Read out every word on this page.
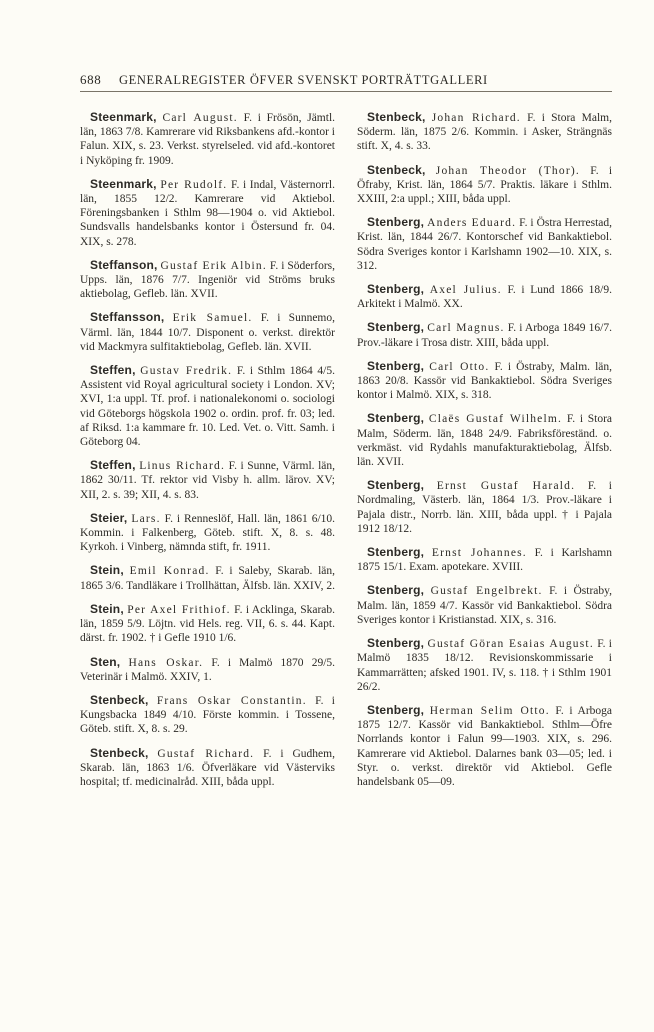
688 GENERALREGISTER ÖFVER SVENSKT PORTRÄTTGALLERI

Steenmark, Carl August. F. i Frösön, Jämtl. län, 1863 7/8. Kamrerare vid Riksbankens afd.-kontor i Falun. XIX, s. 23. Verkst. styrelseled. vid afd.-kontoret i Nyköping fr. 1909.

Steenmark, Per Rudolf. F. i Indal, Västernorrl. län, 1855 12/2. Kamrerare vid Aktiebol. Föreningsbanken i Sthlm 98—1904 o. vid Aktiebol. Sundsvalls handelsbanks kontor i Östersund fr. 04. XIX, s. 278.

Steffanson, Gustaf Erik Albin. F. i Söderfors, Upps. län, 1876 7/7. Ingeniör vid Ströms bruks aktiebolag, Gefleb. län. XVII.

Steffansson, Erik Samuel. F. i Sunnemo, Värml. län, 1844 10/7. Disponent o. verkst. direktör vid Mackmyra sulfitaktiebolag, Gefleb. län. XVII.

Steffen, Gustav Fredrik. F. i Sthlm 1864 4/5. Assistent vid Royal agricultural society i London. XV; XVI, 1:a uppl. Tf. prof. i nationalekonomi o. sociologi vid Göteborgs högskola 1902 o. ordin. prof. fr. 03; led. af Riksd. 1:a kammare fr. 10. Led. Vet. o. Vitt. Samh. i Göteborg 04.

Steffen, Linus Richard. F. i Sunne, Värml. län, 1862 30/11. Tf. rektor vid Visby h. allm. lärov. XV; XII, 2. s. 39; XII, 4. s. 83.

Steier, Lars. F. i Renneslöf, Hall. län, 1861 6/10. Kommin. i Falkenberg, Göteb. stift. X, 8. s. 48. Kyrkoh. i Vinberg, nämnda stift, fr. 1911.

Stein, Emil Konrad. F. i Saleby, Skarab. län, 1865 3/6. Tandläkare i Trollhättan, Älfsb. län. XXIV, 2.

Stein, Per Axel Frithiof. F. i Acklinga, Skarab. län, 1859 5/9. Löjtn. vid Hels. reg. VII, 6. s. 44. Kapt. därst. fr. 1902. † i Gefle 1910 1/6.

Sten, Hans Oskar. F. i Malmö 1870 29/5. Veterinär i Malmö. XXIV, 1.

Stenbeck, Frans Oskar Constantin. F. i Kungsbacka 1849 4/10. Förste kommin. i Tossene, Göteb. stift. X, 8. s. 29.

Stenbeck, Gustaf Richard. F. i Gudhem, Skarab. län, 1863 1/6. Öfverläkare vid Västerviks hospital; tf. medicinalråd. XIII, båda uppl.

Stenbeck, Johan Richard. F. i Stora Malm, Söderm. län, 1875 2/6. Kommin. i Asker, Strängnäs stift. X, 4. s. 33.

Stenbeck, Johan Theodor (Thor). F. i Öfraby, Krist. län, 1864 5/7. Praktis. läkare i Sthlm. XXIII, 2:a uppl.; XIII, båda uppl.

Stenberg, Anders Eduard. F. i Östra Herrestad, Krist. län, 1844 26/7. Kontorschef vid Bankaktiebol. Södra Sveriges kontor i Karlshamn 1902—10. XIX, s. 312.

Stenberg, Axel Julius. F. i Lund 1866 18/9. Arkitekt i Malmö. XX.

Stenberg, Carl Magnus. F. i Arboga 1849 16/7. Prov.-läkare i Trosa distr. XIII, båda uppl.

Stenberg, Carl Otto. F. i Östraby, Malm. län, 1863 20/8. Kassör vid Bankaktiebol. Södra Sveriges kontor i Malmö. XIX, s. 318.

Stenberg, Claës Gustaf Wilhelm. F. i Stora Malm, Söderm. län, 1848 24/9. Fabriksföreständ. o. verkmäst. vid Rydahls manufakturaktiebolag, Älfsb. län. XVII.

Stenberg, Ernst Gustaf Harald. F. i Nordmaling, Västerb. län, 1864 1/3. Prov.-läkare i Pajala distr., Norrb. län. XIII, båda uppl. † i Pajala 1912 18/12.

Stenberg, Ernst Johannes. F. i Karlshamn 1875 15/1. Exam. apotekare. XVIII.

Stenberg, Gustaf Engelbrekt. F. i Östraby, Malm. län, 1859 4/7. Kassör vid Bankaktiebol. Södra Sveriges kontor i Kristianstad. XIX, s. 316.

Stenberg, Gustaf Göran Esaias August. F. i Malmö 1835 18/12. Revisionskommissarie i Kammarrätten; afsked 1901. IV, s. 118. † i Sthlm 1901 26/2.

Stenberg, Herman Selim Otto. F. i Arboga 1875 12/7. Kassör vid Bankaktiebol. Sthlm—Öfre Norrlands kontor i Falun 99—1903. XIX, s. 296. Kamrerare vid Aktiebol. Dalarnes bank 03—05; led. i Styr. o. verkst. direktör vid Aktiebol. Gefle handelsbank 05—09.
